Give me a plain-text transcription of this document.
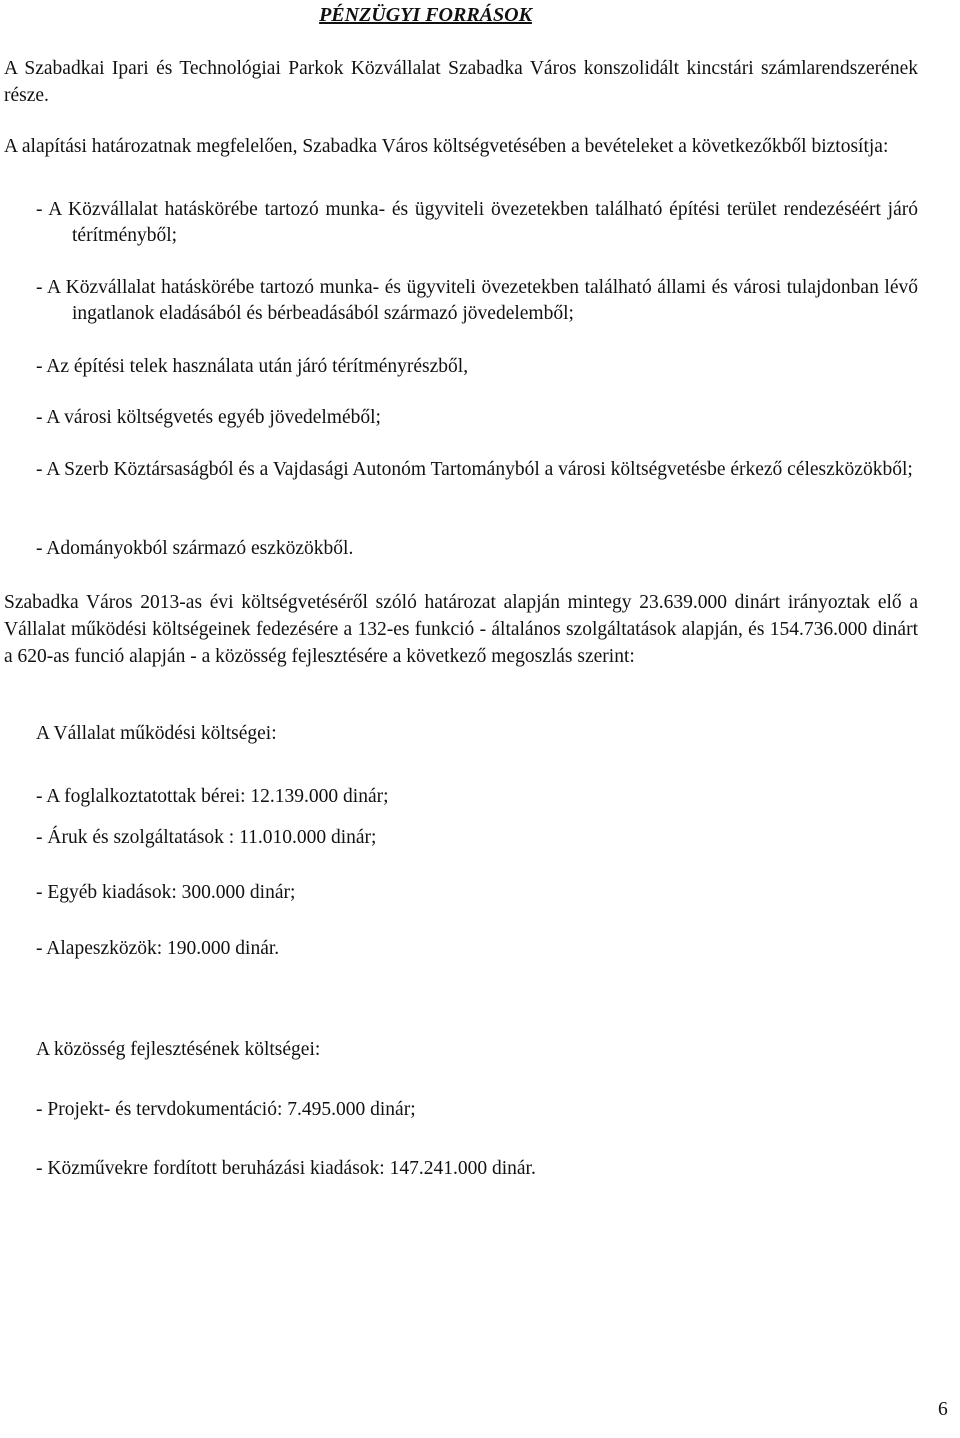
PÉNZÜGYI FORRÁSOK

A Szabadkai Ipari és Technológiai Parkok Közvállalat Szabadka Város konszolidált kincstári számlarendszerének része.

A alapítási határozatnak megfelelően, Szabadka Város költségvetésében a bevételeket a következőkből biztosítja:

- A Közvállalat hatáskörébe tartozó munka- és ügyviteli övezetekben található építési terület rendezéséért járó térítményből;

- A Közvállalat hatáskörébe tartozó munka- és ügyviteli övezetekben található állami és városi tulajdonban lévő ingatlanok eladásából és bérbeadásából származó jövedelemből;

- Az építési telek használata után járó térítményrészből,

- A városi költségvetés egyéb jövedelméből;

- A Szerb Köztársaságból és a Vajdasági Autonóm Tartományból a városi költségvetésbe érkező céleszközökből;

- Adományokból származó eszközökből.

Szabadka Város 2013-as évi költségvetéséről szóló határozat alapján mintegy 23.639.000 dinárt irányoztak elő a Vállalat működési költségeinek fedezésére a 132-es funkció - általános szolgáltatások alapján, és 154.736.000 dinárt a 620-as funció alapján - a közösség fejlesztésére a következő megoszlás szerint:

A Vállalat működési költségei:

- A foglalkoztatottak bérei: 12.139.000 dinár;

- Áruk és szolgáltatások : 11.010.000 dinár;

- Egyéb kiadások: 300.000 dinár;

- Alapeszközök: 190.000 dinár.

A közösség fejlesztésének költségei:

- Projekt- és tervdokumentáció: 7.495.000 dinár;

- Közművekre fordított beruházási kiadások: 147.241.000 dinár.

6
